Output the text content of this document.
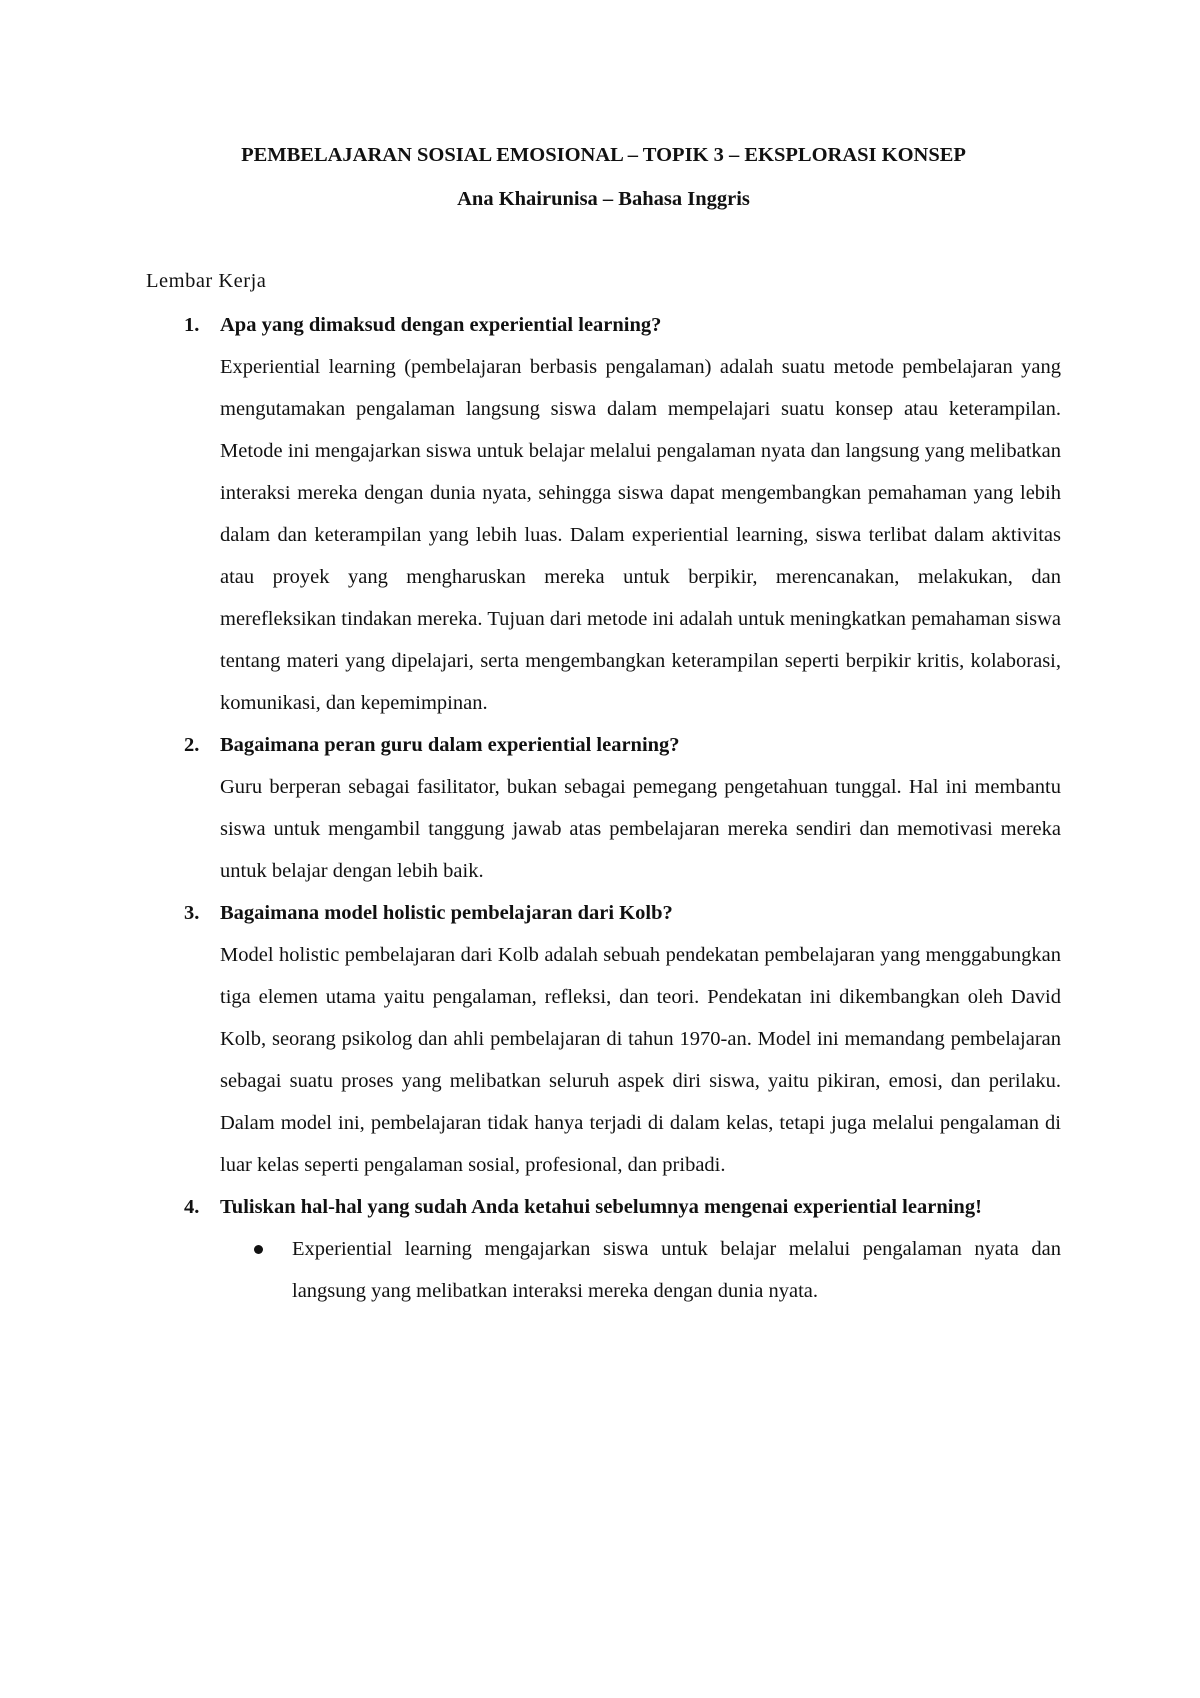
PEMBELAJARAN SOSIAL EMOSIONAL – TOPIK 3 – EKSPLORASI KONSEP

Ana Khairunisa – Bahasa Inggris

Lembar Kerja

1. Apa yang dimaksud dengan experiential learning?

Experiential learning (pembelajaran berbasis pengalaman) adalah suatu metode pembelajaran yang mengutamakan pengalaman langsung siswa dalam mempelajari suatu konsep atau keterampilan. Metode ini mengajarkan siswa untuk belajar melalui pengalaman nyata dan langsung yang melibatkan interaksi mereka dengan dunia nyata, sehingga siswa dapat mengembangkan pemahaman yang lebih dalam dan keterampilan yang lebih luas. Dalam experiential learning, siswa terlibat dalam aktivitas atau proyek yang mengharuskan mereka untuk berpikir, merencanakan, melakukan, dan merefleksikan tindakan mereka. Tujuan dari metode ini adalah untuk meningkatkan pemahaman siswa tentang materi yang dipelajari, serta mengembangkan keterampilan seperti berpikir kritis, kolaborasi, komunikasi, dan kepemimpinan.

2. Bagaimana peran guru dalam experiential learning?

Guru berperan sebagai fasilitator, bukan sebagai pemegang pengetahuan tunggal. Hal ini membantu siswa untuk mengambil tanggung jawab atas pembelajaran mereka sendiri dan memotivasi mereka untuk belajar dengan lebih baik.

3. Bagaimana model holistic pembelajaran dari Kolb?

Model holistic pembelajaran dari Kolb adalah sebuah pendekatan pembelajaran yang menggabungkan tiga elemen utama yaitu pengalaman, refleksi, dan teori. Pendekatan ini dikembangkan oleh David Kolb, seorang psikolog dan ahli pembelajaran di tahun 1970-an. Model ini memandang pembelajaran sebagai suatu proses yang melibatkan seluruh aspek diri siswa, yaitu pikiran, emosi, dan perilaku. Dalam model ini, pembelajaran tidak hanya terjadi di dalam kelas, tetapi juga melalui pengalaman di luar kelas seperti pengalaman sosial, profesional, dan pribadi.

4. Tuliskan hal-hal yang sudah Anda ketahui sebelumnya mengenai experiential learning!

Experiential learning mengajarkan siswa untuk belajar melalui pengalaman nyata dan langsung yang melibatkan interaksi mereka dengan dunia nyata.
